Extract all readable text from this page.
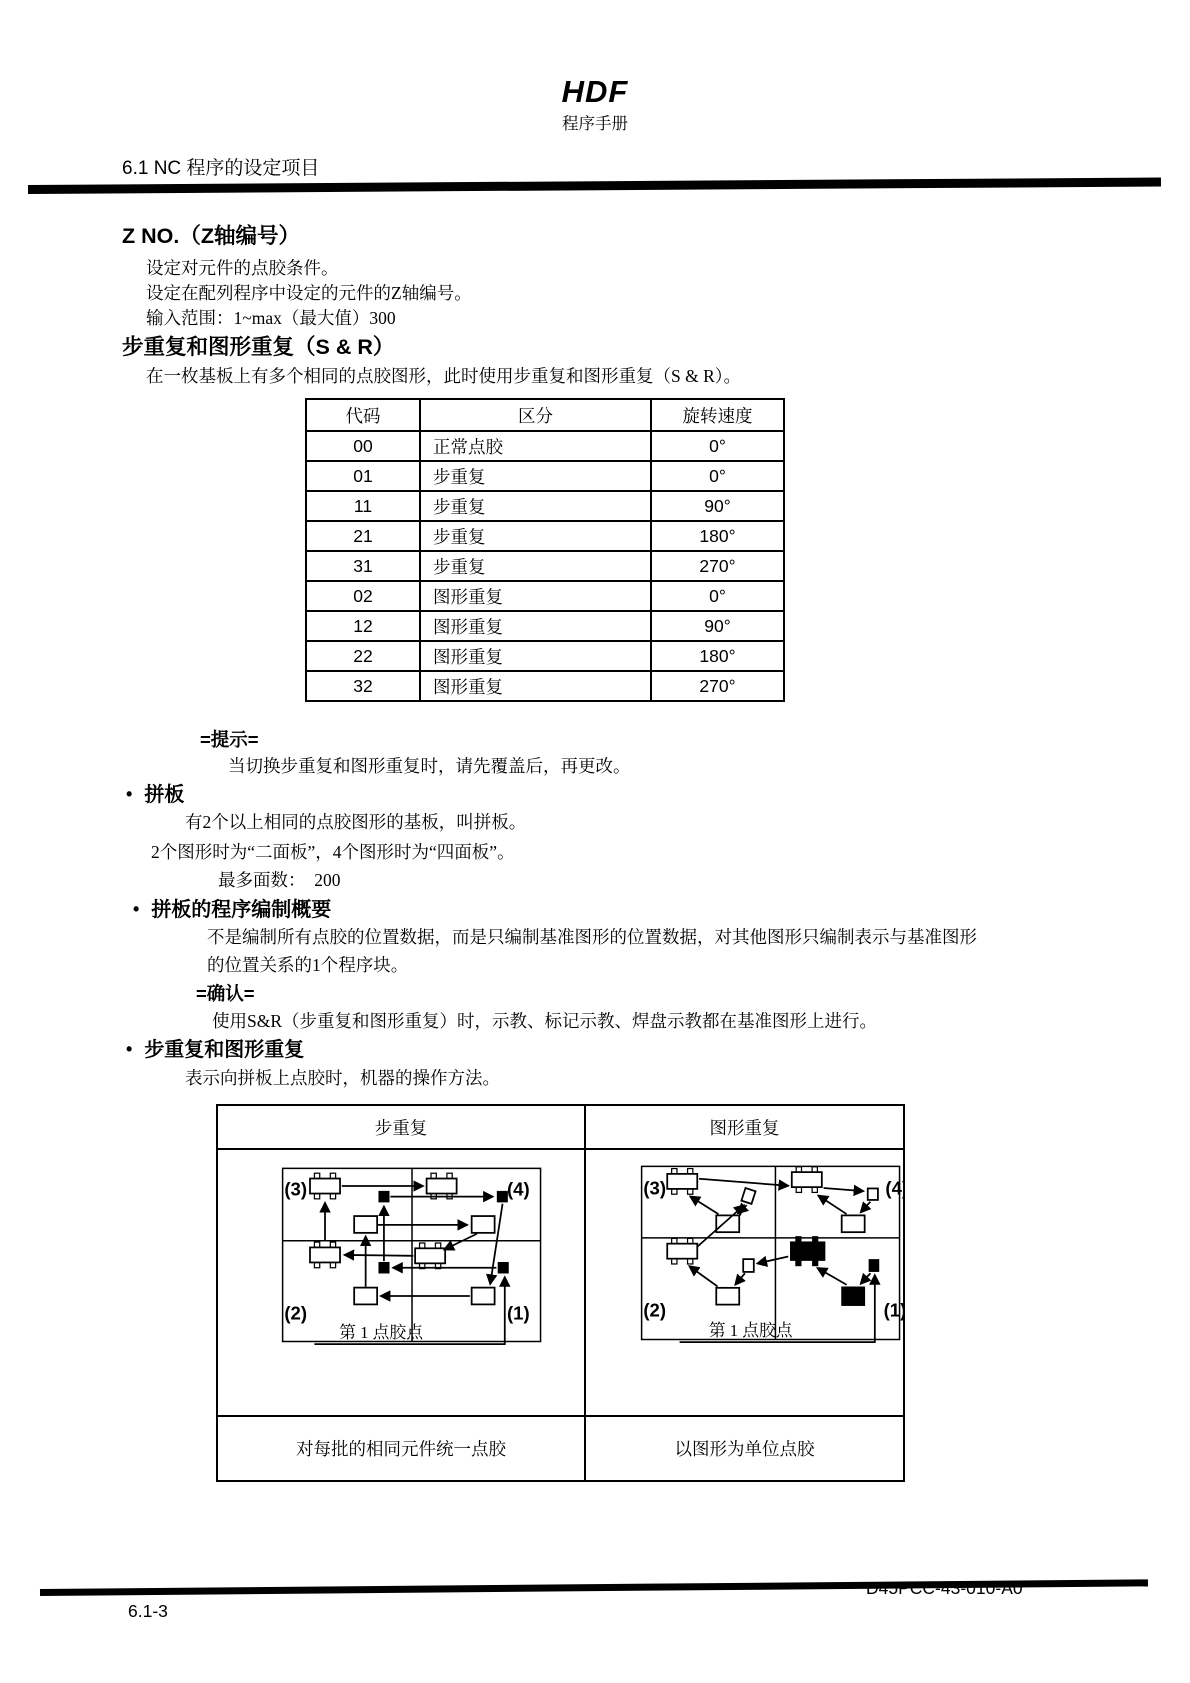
HDF
程序手册
6.1 NC 程序的设定项目
Z NO.（Z轴编号）
设定对元件的点胶条件。
设定在配列程序中设定的元件的Z轴编号。
输入范围：1~max（最大值）300
步重复和图形重复（S & R）
在一枚基板上有多个相同的点胶图形，此时使用步重复和图形重复（S & R）。
代码	区分	旋转速度
00	正常点胶	0°
01	步重复	0°
11	步重复	90°
21	步重复	180°
31	步重复	270°
02	图形重复	0°
12	图形重复	90°
22	图形重复	180°
32	图形重复	270°
=提示=
当切换步重复和图形重复时，请先覆盖后，再更改。
• 拼板
有2个以上相同的点胶图形的基板，叫拼板。
2个图形时为“二面板”，4个图形时为“四面板”。
最多面数：　200
• 拼板的程序编制概要
不是编制所有点胶的位置数据，而是只编制基准图形的位置数据，对其他图形只编制表示与基准图形
的位置关系的1个程序块。
=确认=
使用S&R（步重复和图形重复）时，示教、标记示教、焊盘示教都在基准图形上进行。
• 步重复和图形重复
表示向拼板上点胶时，机器的操作方法。
步重复	图形重复
(3)	(4)
(2)	(1)
第 1 点胶点
(3)	(4)
(2)	(1)
第 1 点胶点
对每批的相同元件统一点胶	以图形为单位点胶
6.1-3
D45PCC-43-010-A0
